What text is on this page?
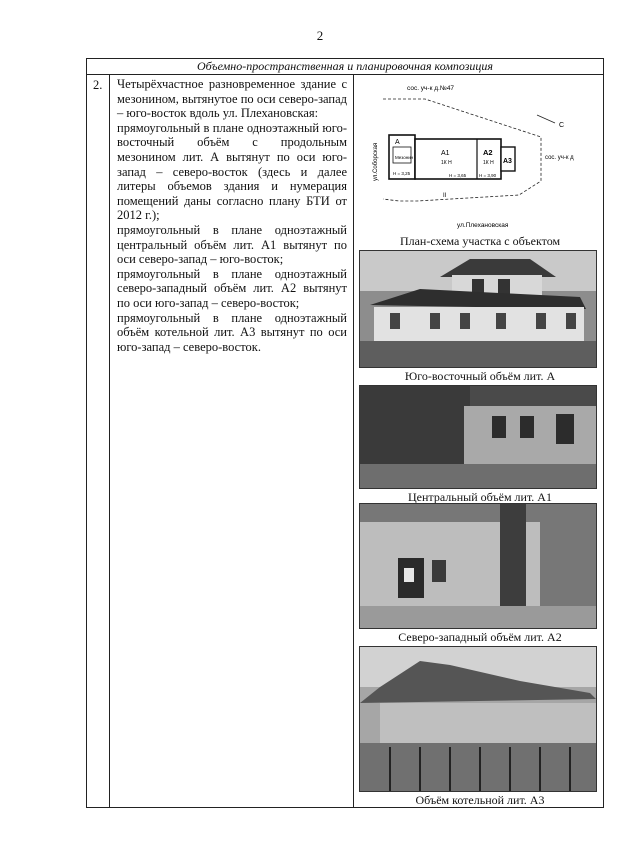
2
Объемно-пространственная и планировочная композиция
2. Четырёхчастное разновременное здание с мезонином, вытянутое по оси северо-запад – юго-восток вдоль ул. Плехановская:

прямоугольный в плане одноэтажный юго-восточный объём с продольным мезонином лит. А вытянут по оси юго-запад – северо-восток (здесь и далее литеры объемов здания и нумерация помещений даны согласно плану БТИ от 2012 г.);

прямоугольный в плане одноэтажный центральный объём лит. А1 вытянут по оси северо-запад – юго-восток;

прямоугольный в плане одноэтажный северо-западный объём лит. А2 вытянут по оси юго-запад – северо-восток;

прямоугольный в плане одноэтажный объём котельной лит. А3 вытянут по оси юго-запад – северо-восток.

сос. уч-к д.№47
А
Мезонин
H = 3,25
А1
1К Н
H = 3,65
А2
1К Н
H = 3,90
А3
II
ул.Соборская	сос. уч-к д
ул.Плехановская
С
План-схема участка с объектом
Юго-восточный объём лит. А
Центральный объём лит. А1
Северо-западный объём лит. А2
Объём котельной лит. А3
